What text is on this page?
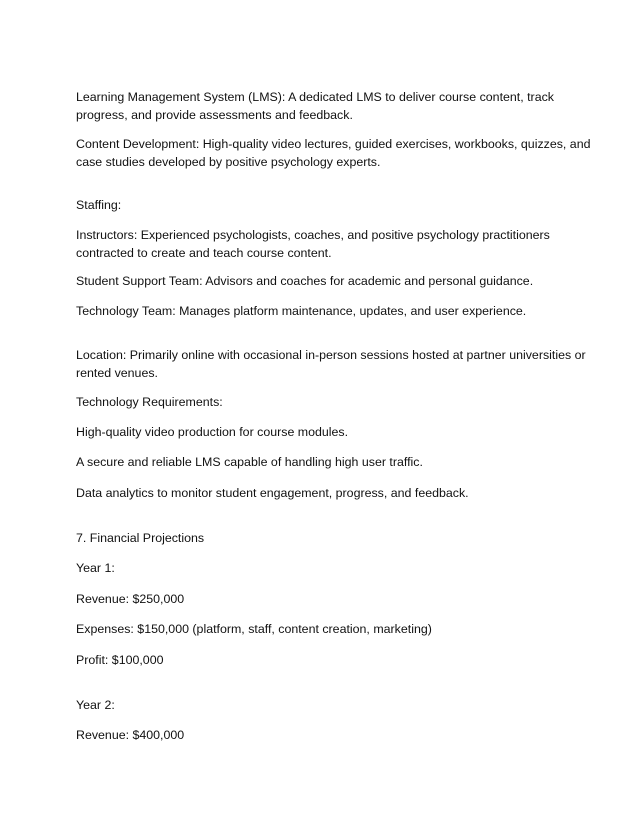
Learning Management System (LMS): A dedicated LMS to deliver course content, track
progress, and provide assessments and feedback.

Content Development: High-quality video lectures, guided exercises, workbooks, quizzes, and
case studies developed by positive psychology experts.

Staffing:

Instructors: Experienced psychologists, coaches, and positive psychology practitioners
contracted to create and teach course content.

Student Support Team: Advisors and coaches for academic and personal guidance.

Technology Team: Manages platform maintenance, updates, and user experience.

Location: Primarily online with occasional in-person sessions hosted at partner universities or
rented venues.

Technology Requirements:

High-quality video production for course modules.

A secure and reliable LMS capable of handling high user traffic.

Data analytics to monitor student engagement, progress, and feedback.

7. Financial Projections

Year 1:

Revenue: $250,000

Expenses: $150,000 (platform, staff, content creation, marketing)

Profit: $100,000

Year 2:

Revenue: $400,000
